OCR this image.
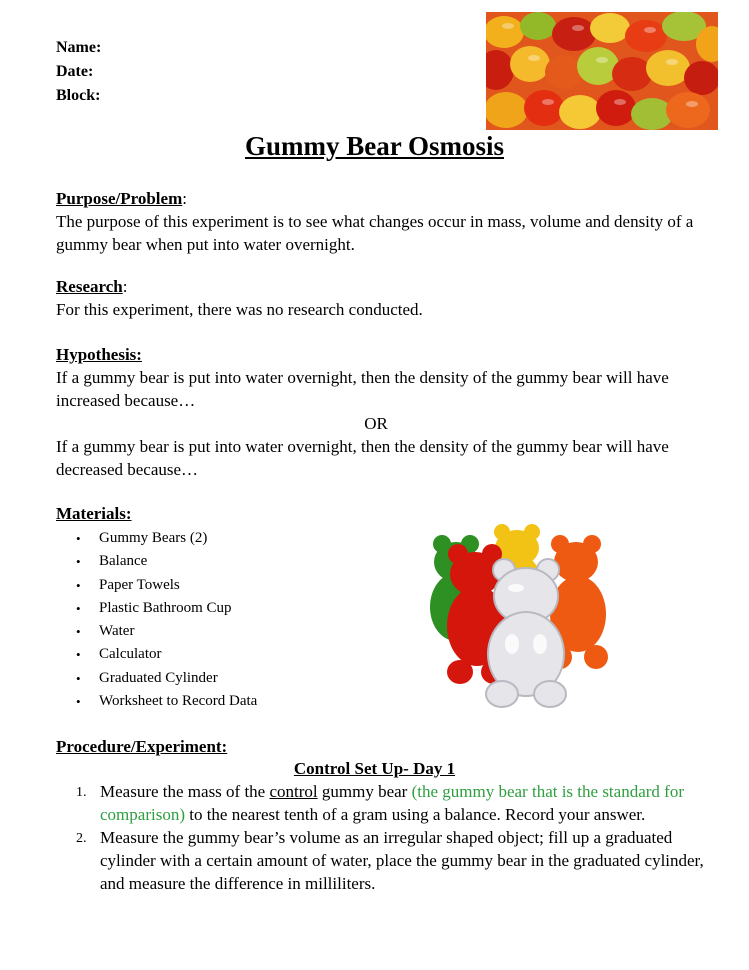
Name:
Date:
Block:
Gummy Bear Osmosis
Purpose/Problem:
The purpose of this experiment is to see what changes occur in mass, volume and density of a gummy bear when put into water overnight.
Research:
For this experiment, there was no research conducted.
Hypothesis:
If a gummy bear is put into water overnight, then the density of the gummy bear will have increased because…
OR
If a gummy bear is put into water overnight, then the density of the gummy bear will have decreased because…
Materials:
• Gummy Bears (2)
• Balance
• Paper Towels
• Plastic Bathroom Cup
• Water
• Calculator
• Graduated Cylinder
• Worksheet to Record Data
Procedure/Experiment:
Control Set Up- Day 1
1. Measure the mass of the control gummy bear (the gummy bear that is the standard for comparison) to the nearest tenth of a gram using a balance. Record your answer.
2. Measure the gummy bear’s volume as an irregular shaped object; fill up a graduated cylinder with a certain amount of water, place the gummy bear in the graduated cylinder, and measure the difference in milliliters.
